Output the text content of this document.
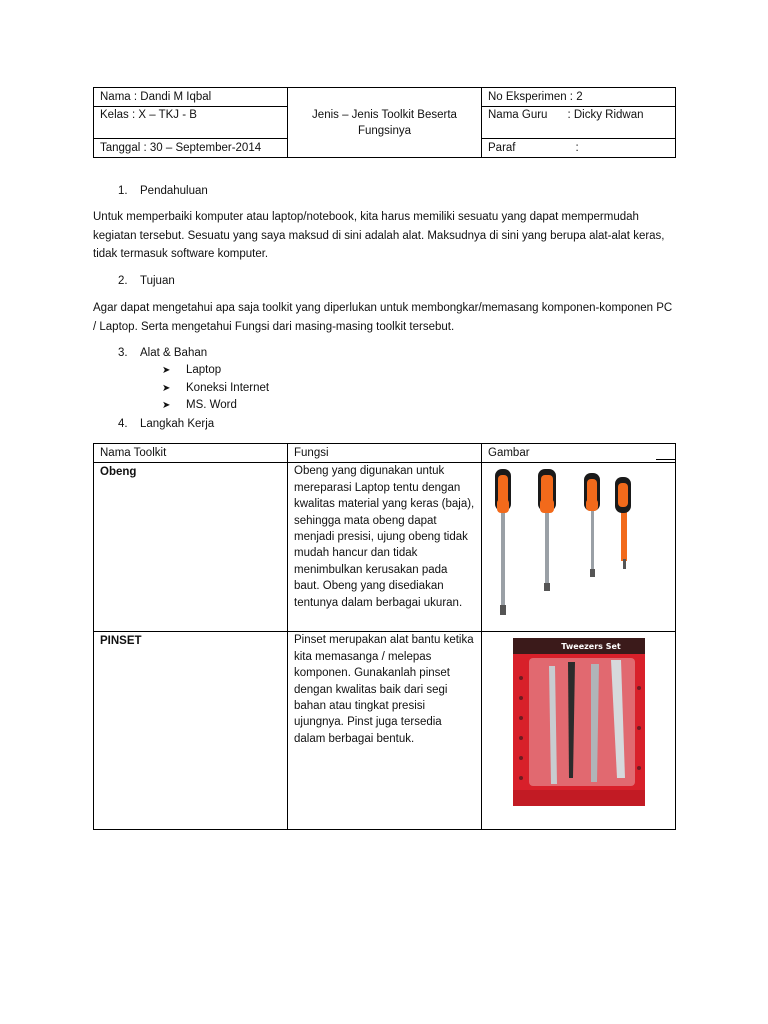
Nama : Dandi M Iqbal	Jenis – Jenis Toolkit Beserta Fungsinya	No Eksperimen : 2
Kelas : X – TKJ - B		Nama Guru : Dicky Ridwan
Tanggal : 30 – September-2014		Paraf :
1. Pendahuluan
Untuk memperbaiki komputer atau laptop/notebook, kita harus memiliki sesuatu yang dapat mempermudah kegiatan tersebut. Sesuatu yang saya maksud di sini adalah alat. Maksudnya di sini yang berupa alat-alat keras, tidak termasuk software komputer.
2. Tujuan
Agar dapat mengetahui apa saja toolkit yang diperlukan untuk membongkar/memasang komponen-komponen PC / Laptop. Serta mengetahui Fungsi dari masing-masing toolkit tersebut.
3. Alat & Bahan
➤ Laptop
➤ Koneksi Internet
➤ MS. Word
4. Langkah Kerja
Nama Toolkit	Fungsi	Gambar

Obeng	Obeng yang digunakan untuk mereparasi Laptop tentu dengan kwalitas material yang keras (baja), sehingga mata obeng dapat menjadi presisi, ujung obeng tidak mudah hancur dan tidak menimbulkan kerusakan pada baut. Obeng yang disediakan tentunya dalam berbagai ukuran.	

PINSET	Pinset merupakan alat bantu ketika kita memasanga / melepas komponen. Gunakanlah pinset dengan kwalitas baik dari segi bahan atau tingkat presisi ujungnya. Pinst juga tersedia dalam berbagai bentuk.	Tweezers Set
